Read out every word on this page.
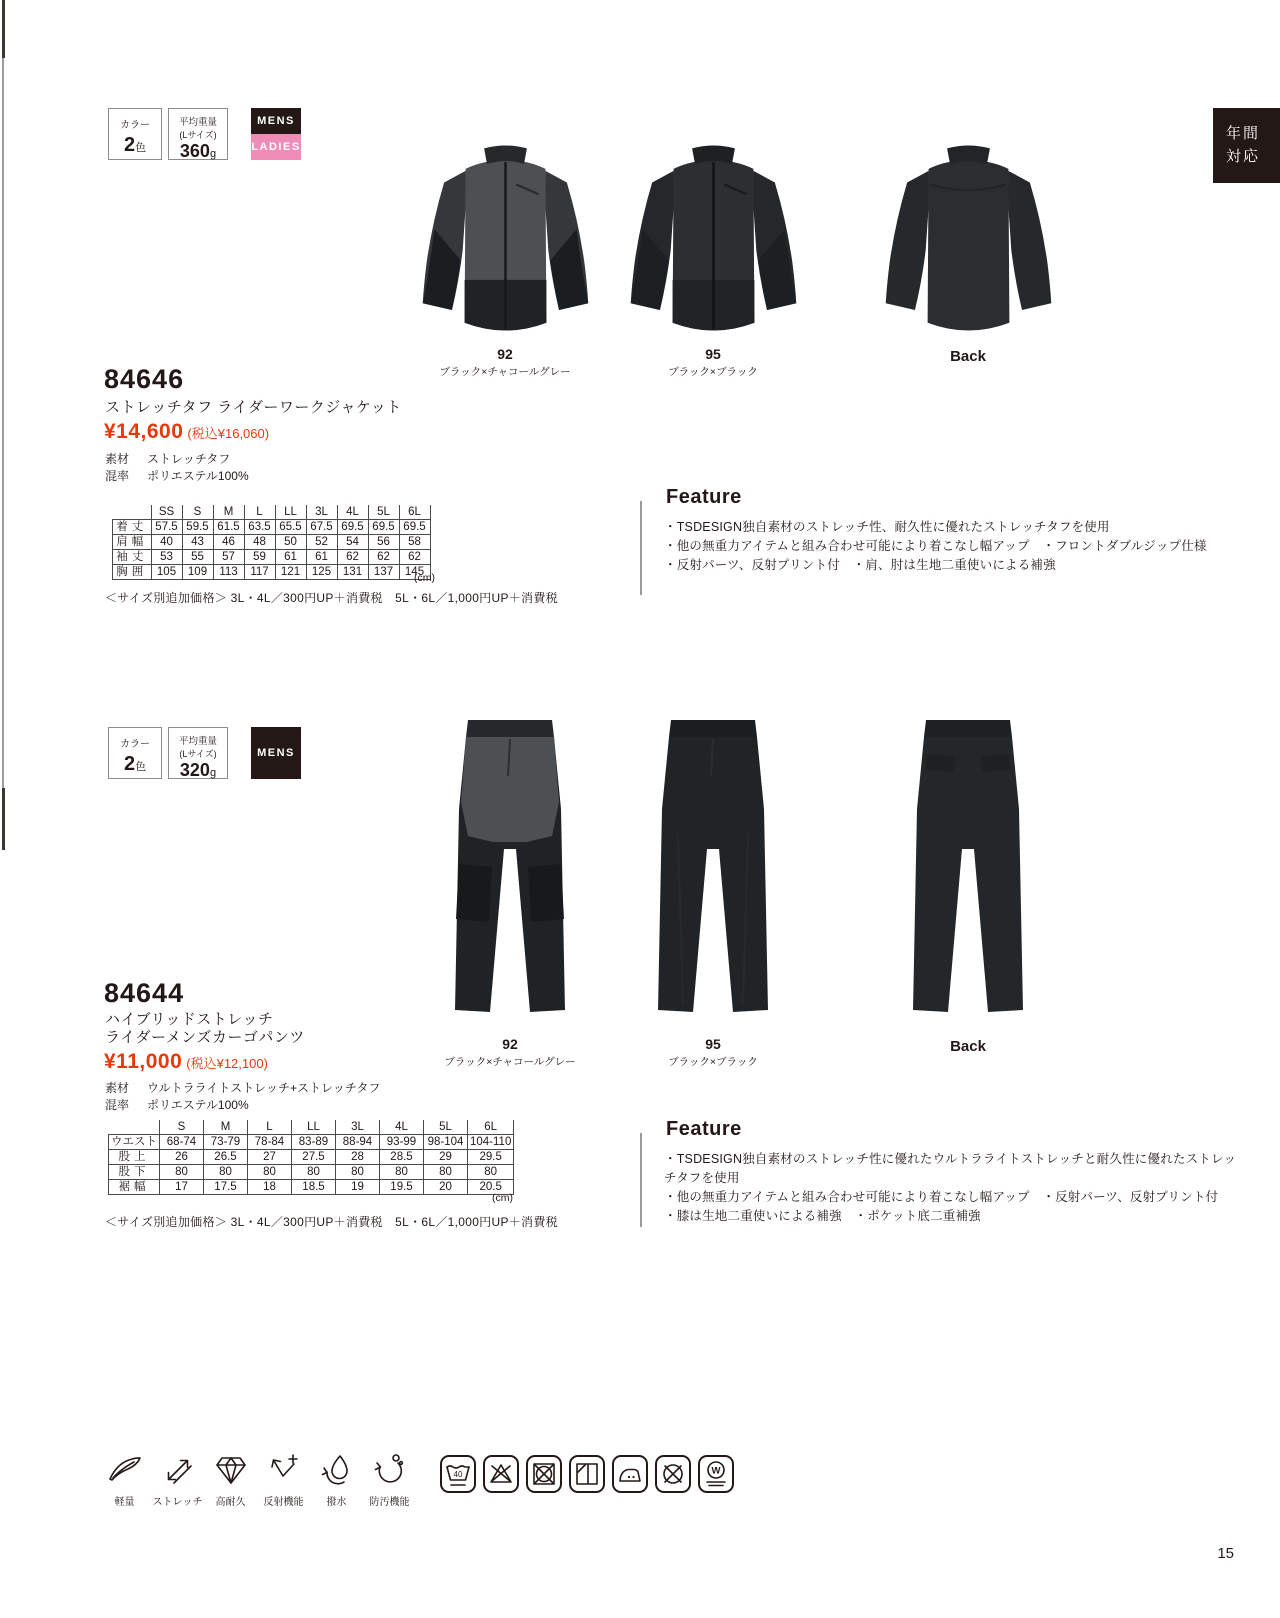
年間
対応
カラー
2色
平均重量
(Lサイズ)
360g
MENS
LADIES
92
ブラック×チャコールグレー
95
ブラック×ブラック
Back
84646
ストレッチタフ ライダーワークジャケット
¥14,600 (税込¥16,060)
素材 ストレッチタフ
混率 ポリエステル100%
	SS	S	M	L	LL	3L	4L	5L	6L
着丈	57.5	59.5	61.5	63.5	65.5	67.5	69.5	69.5	69.5
肩幅	40	43	46	48	50	52	54	56	58
袖丈	53	55	57	59	61	61	62	62	62
胸囲	105	109	113	117	121	125	131	137	145
(cm)
＜サイズ別追加価格＞ 3L・4L／300円UP＋消費税　5L・6L／1,000円UP＋消費税
Feature
・TSDESIGN独自素材のストレッチ性、耐久性に優れたストレッチタフを使用
・他の無重力アイテムと組み合わせ可能により着こなし幅アップ　・フロントダブルジップ仕様
・反射パーツ、反射プリント付　・肩、肘は生地二重使いによる補強
カラー
2色
平均重量
(Lサイズ)
320g
MENS
92
ブラック×チャコールグレー
95
ブラック×ブラック
Back
84644
ハイブリッドストレッチ
ライダーメンズカーゴパンツ
¥11,000 (税込¥12,100)
素材 ウルトラライトストレッチ+ストレッチタフ
混率 ポリエステル100%
	S	M	L	LL	3L	4L	5L	6L
ウエスト	68-74	73-79	78-84	83-89	88-94	93-99	98-104	104-110
股上	26	26.5	27	27.5	28	28.5	29	29.5
股下	80	80	80	80	80	80	80	80
裾幅	17	17.5	18	18.5	19	19.5	20	20.5
(cm)
＜サイズ別追加価格＞ 3L・4L／300円UP＋消費税　5L・6L／1,000円UP＋消費税
Feature
・TSDESIGN独自素材のストレッチ性に優れたウルトラライトストレッチと耐久性に優れたストレッチタフを使用
・他の無重力アイテムと組み合わせ可能により着こなし幅アップ　・反射パーツ、反射プリント付
・膝は生地二重使いによる補強　・ポケット底二重補強
軽量	ストレッチ	高耐久	反射機能	撥水	防汚機能
40	W
15
